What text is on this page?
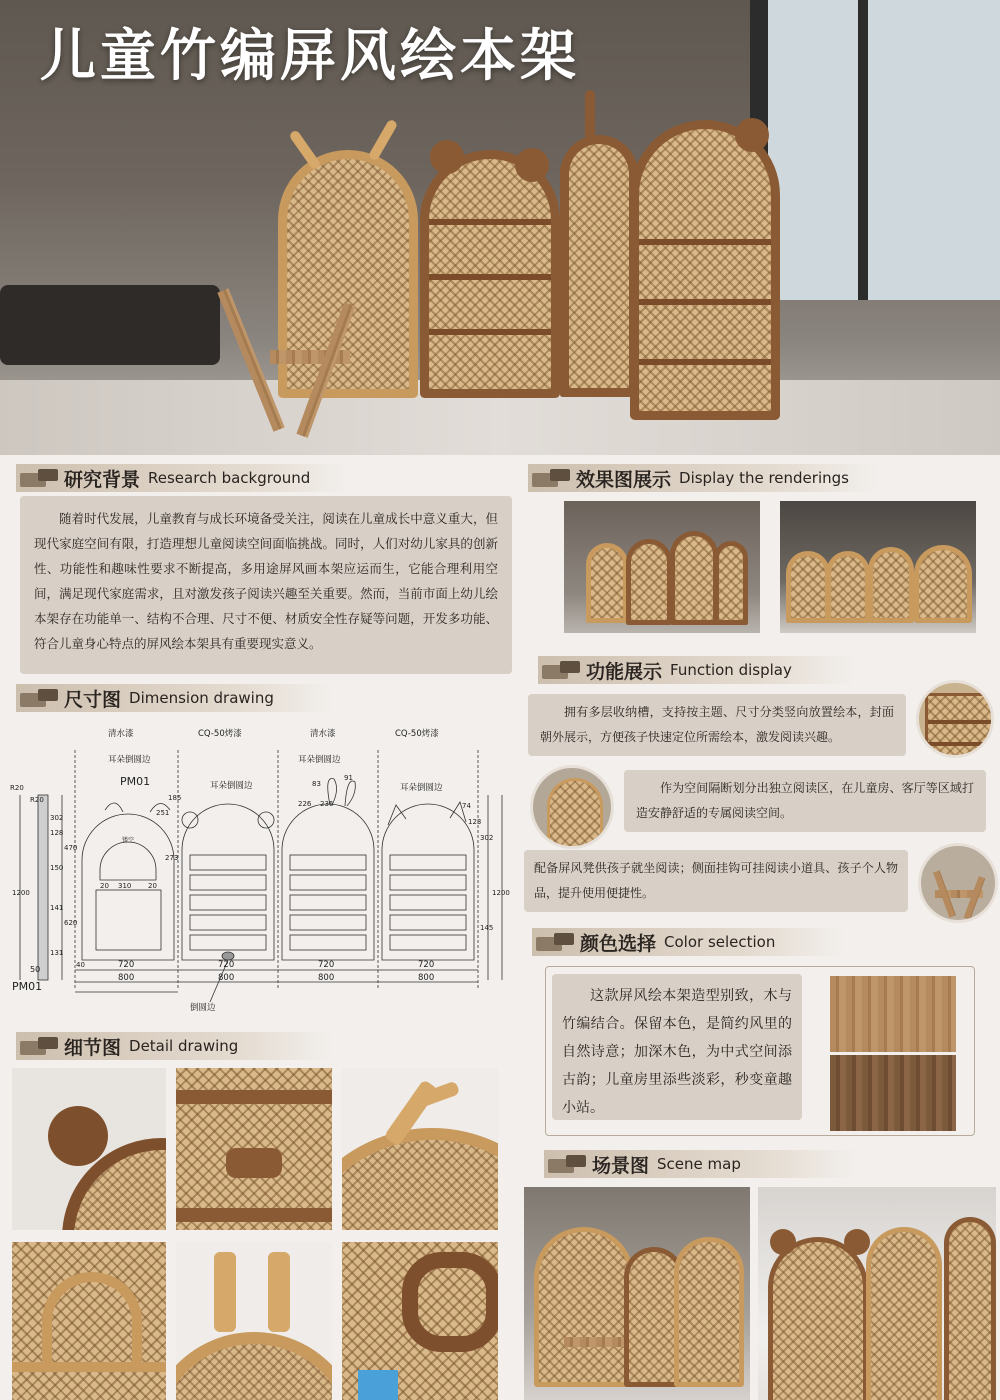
儿童竹编屏风绘本架
研究背景 Research background
随着时代发展，儿童教育与成长环境备受关注，阅读在儿童成长中意义重大，但现代家庭空间有限，打造理想儿童阅读空间面临挑战。同时，人们对幼儿家具的创新性、功能性和趣味性要求不断提高，多用途屏风画本架应运而生，它能合理利用空间，满足现代家庭需求，且对激发孩子阅读兴趣至关重要。然而，当前市面上幼儿绘本架存在功能单一、结构不合理、尺寸不便、材质安全性存疑等问题，开发多功能、符合儿童身心特点的屏风绘本架具有重要现实意义。
效果图展示 Display the renderings
功能展示 Function display
拥有多层收纳槽，支持按主题、尺寸分类竖向放置绘本，封面朝外展示，方便孩子快速定位所需绘本，激发阅读兴趣。
作为空间隔断划分出独立阅读区，在儿童房、客厅等区域打造安静舒适的专属阅读空间。
配备屏风凳供孩子就坐阅读；侧面挂钩可挂阅读小道具、孩子个人物品，提升使用便捷性。
尺寸图 Dimension drawing
清水漆	CQ-50烤漆	清水漆	CQ-50烤漆
耳朵倒圆边
耳朵倒圆边
耳朵倒圆边
耳朵倒圆边
PM01
PM01
R20
R20
镂空
倒圆边
720	720	720	720
800	800	800	800
40
50
310
20	20
273
1200	1200
302
302
470
620
128
150
141
145
131
83
91
226 236
251
185
74
123
颜色选择 Color selection
这款屏风绘本架造型别致，木与竹编结合。保留本色，是简约风里的自然诗意；加深木色，为中式空间添古韵；儿童房里添些淡彩，秒变童趣小站。
细节图 Detail drawing
场景图 Scene map
